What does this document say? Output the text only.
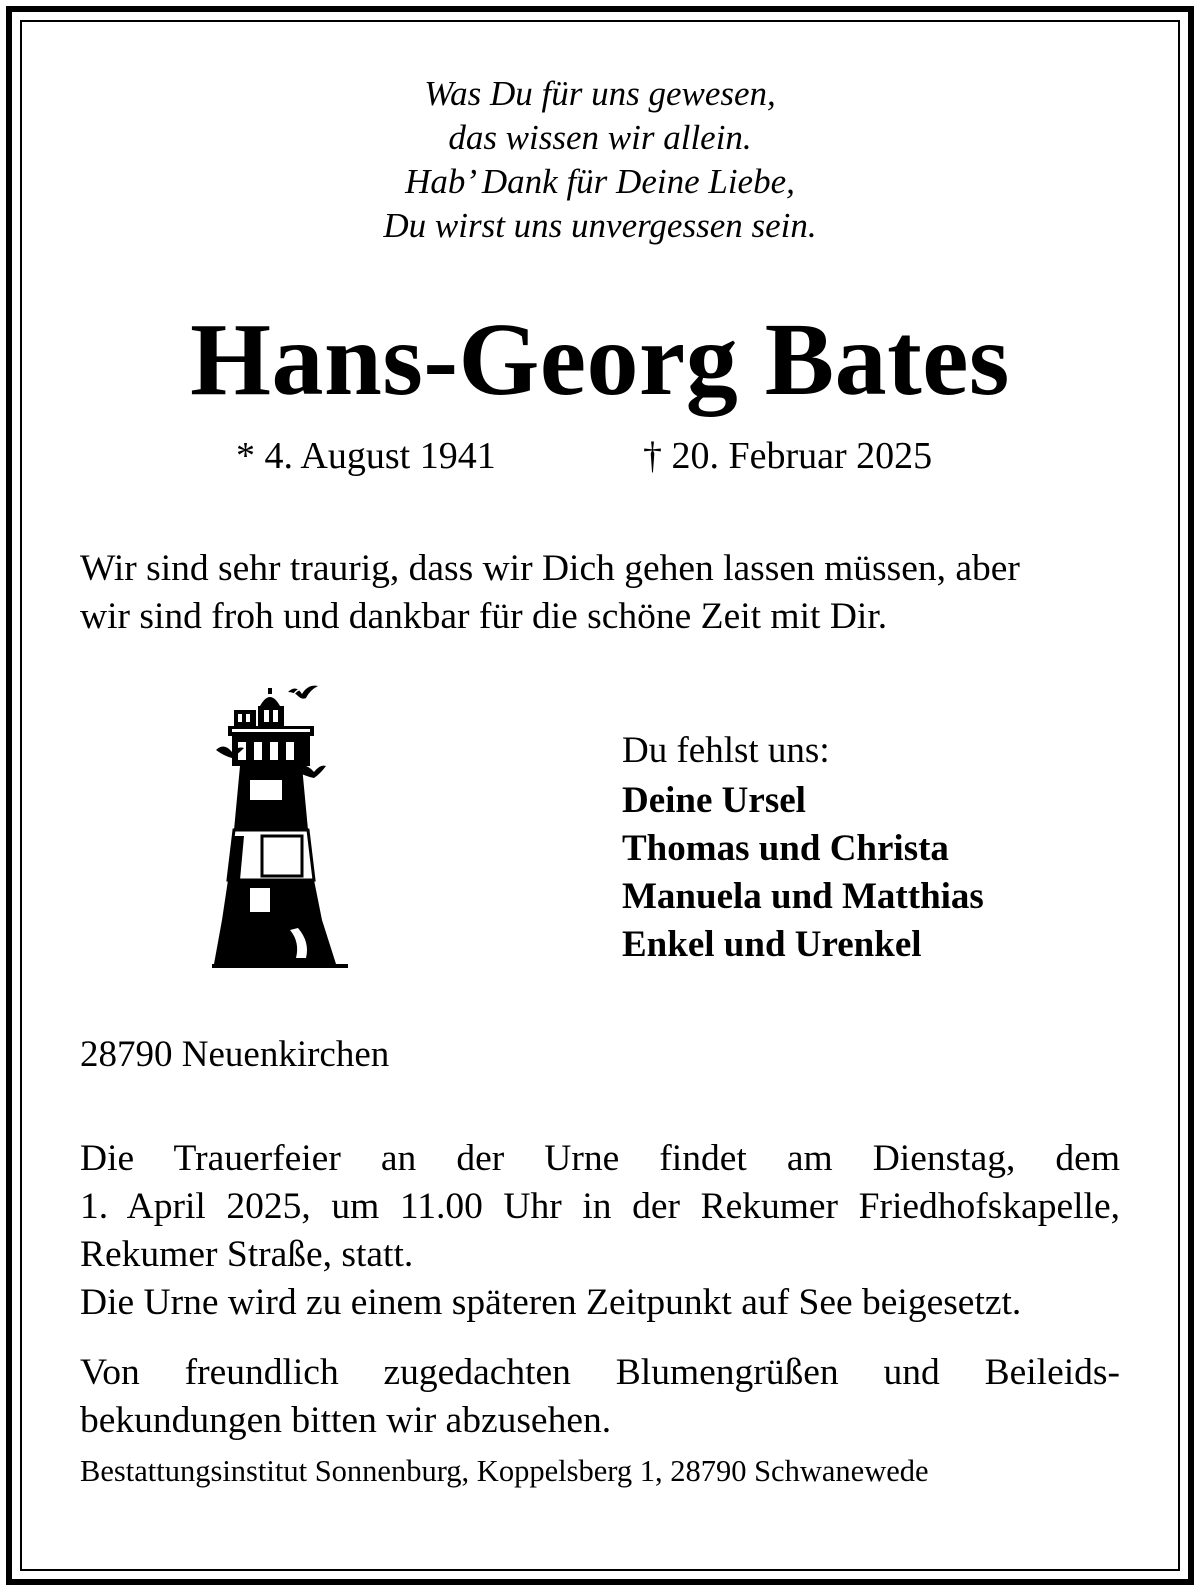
Was Du für uns gewesen,
das wissen wir allein.
Hab’ Dank für Deine Liebe,
Du wirst uns unvergessen sein.
Hans-Georg Bates
* 4. August 1941	† 20. Februar 2025
Wir sind sehr traurig, dass wir Dich gehen lassen müssen, aber
wir sind froh und dankbar für die schöne Zeit mit Dir.
Du fehlst uns:
Deine Ursel
Thomas und Christa
Manuela und Matthias
Enkel und Urenkel
28790 Neuenkirchen
Die Trauerfeier an der Urne findet am Dienstag, dem
1. April 2025, um 11.00 Uhr in der Rekumer Friedhofskapelle,
Rekumer Straße, statt.
Die Urne wird zu einem späteren Zeitpunkt auf See beigesetzt.
Von freundlich zugedachten Blumengrüßen und Beileids-
bekundungen bitten wir abzusehen.
Bestattungsinstitut Sonnenburg, Koppelsberg 1, 28790 Schwanewede
